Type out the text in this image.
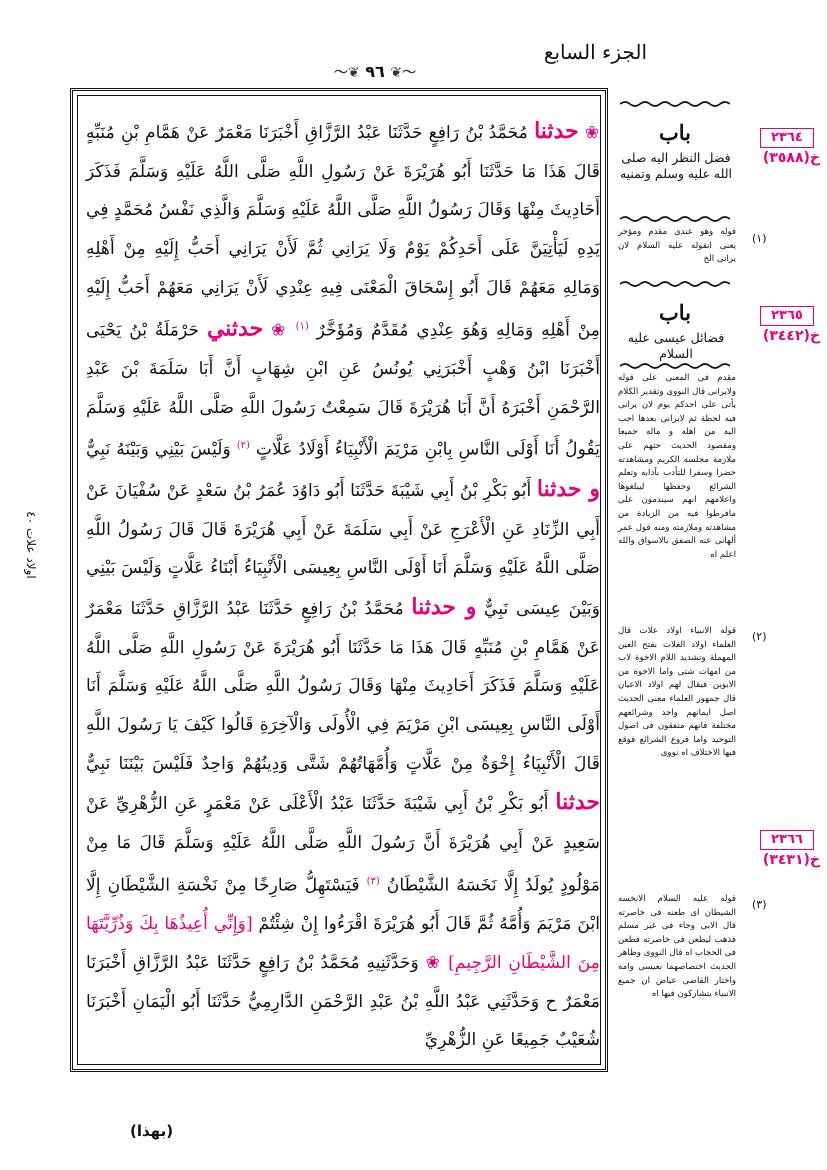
الجزء السابع
～❦ ٩٦ ❦～
اولاد علات ٤٠
❀ حدثنا مُحَمَّدُ بْنُ رَافِعٍ حَدَّثَنَا عَبْدُ الرَّزَّاقِ أَخْبَرَنَا مَعْمَرٌ عَنْ هَمَّامِ بْنِ مُنَبِّهٍ قَالَ هَذَا مَا حَدَّثَنَا أَبُو هُرَيْرَةَ عَنْ رَسُولِ اللَّهِ صَلَّى اللَّهُ عَلَيْهِ وَسَلَّمَ فَذَكَرَ أَحَادِيثَ مِنْهَا وَقَالَ رَسُولُ اللَّهِ صَلَّى اللَّهُ عَلَيْهِ وَسَلَّمَ وَالَّذِي نَفْسُ مُحَمَّدٍ فِي يَدِهِ لَيَأْتِيَنَّ عَلَى أَحَدِكُمْ يَوْمٌ وَلَا يَرَانِي ثُمَّ لَأَنْ يَرَانِي أَحَبُّ إِلَيْهِ مِنْ أَهْلِهِ وَمَالِهِ مَعَهُمْ قَالَ أَبُو إِسْحَاقَ الْمَعْنَى فِيهِ عِنْدِي لَأَنْ يَرَانِي مَعَهُمْ أَحَبُّ إِلَيْهِ مِنْ أَهْلِهِ وَمَالِهِ وَهُوَ عِنْدِي مُقَدَّمٌ وَمُؤَخَّرٌ $^{(١)}$ ❀ حدثني حَرْمَلَةُ بْنُ يَحْيَى أَخْبَرَنَا ابْنُ وَهْبٍ أَخْبَرَنِي يُونُسُ عَنِ ابْنِ شِهَابٍ أَنَّ أَبَا سَلَمَةَ بْنَ عَبْدِ الرَّحْمَنِ أَخْبَرَهُ أَنَّ أَبَا هُرَيْرَةَ قَالَ سَمِعْتُ رَسُولَ اللَّهِ صَلَّى اللَّهُ عَلَيْهِ وَسَلَّمَ يَقُولُ أَنَا أَوْلَى النَّاسِ بِابْنِ مَرْيَمَ الْأَنْبِيَاءُ أَوْلَادُ عَلَّاتٍ $^{(٢)}$ وَلَيْسَ بَيْنِي وَبَيْنَهُ نَبِيٌّ و حدثنا أَبُو بَكْرِ بْنُ أَبِي شَيْبَةَ حَدَّثَنَا أَبُو دَاوُدَ عُمَرُ بْنُ سَعْدٍ عَنْ سُفْيَانَ عَنْ أَبِي الزِّنَادِ عَنِ الْأَعْرَجِ عَنْ أَبِي سَلَمَةَ عَنْ أَبِي هُرَيْرَةَ قَالَ قَالَ رَسُولُ اللَّهِ صَلَّى اللَّهُ عَلَيْهِ وَسَلَّمَ أَنَا أَوْلَى النَّاسِ بِعِيسَى الْأَنْبِيَاءُ أَبْنَاءُ عَلَّاتٍ وَلَيْسَ بَيْنِي وَبَيْنَ عِيسَى نَبِيٌّ و حدثنا مُحَمَّدُ بْنُ رَافِعٍ حَدَّثَنَا عَبْدُ الرَّزَّاقِ حَدَّثَنَا مَعْمَرٌ عَنْ هَمَّامِ بْنِ مُنَبِّهٍ قَالَ هَذَا مَا حَدَّثَنَا أَبُو هُرَيْرَةَ عَنْ رَسُولِ اللَّهِ صَلَّى اللَّهُ عَلَيْهِ وَسَلَّمَ فَذَكَرَ أَحَادِيثَ مِنْهَا وَقَالَ رَسُولُ اللَّهِ صَلَّى اللَّهُ عَلَيْهِ وَسَلَّمَ أَنَا أَوْلَى النَّاسِ بِعِيسَى ابْنِ مَرْيَمَ فِي الْأُولَى وَالْآخِرَةِ قَالُوا كَيْفَ يَا رَسُولَ اللَّهِ قَالَ الْأَنْبِيَاءُ إِخْوَةٌ مِنْ عَلَّاتٍ وَأُمَّهَاتُهُمْ شَتَّى وَدِينُهُمْ وَاحِدٌ فَلَيْسَ بَيْنَنَا نَبِيٌّ حدثنا أَبُو بَكْرِ بْنُ أَبِي شَيْبَةَ حَدَّثَنَا عَبْدُ الْأَعْلَى عَنْ مَعْمَرٍ عَنِ الزُّهْرِيِّ عَنْ سَعِيدٍ عَنْ أَبِي هُرَيْرَةَ أَنَّ رَسُولَ اللَّهِ صَلَّى اللَّهُ عَلَيْهِ وَسَلَّمَ قَالَ مَا مِنْ مَوْلُودٍ يُولَدُ إِلَّا نَخَسَهُ الشَّيْطَانُ $^{(٣)}$ فَيَسْتَهِلُّ صَارِخًا مِنْ نَخْسَةِ الشَّيْطَانِ إِلَّا ابْنَ مَرْيَمَ وَأُمَّهُ ثُمَّ قَالَ أَبُو هُرَيْرَةَ اقْرَءُوا إِنْ شِئْتُمْ [وَإِنِّي أُعِيذُهَا بِكَ وَذُرِّيَّتَهَا مِنَ الشَّيْطَانِ الرَّجِيمِ] ❀ وَحَدَّثَنِيهِ مُحَمَّدُ بْنُ رَافِعٍ حَدَّثَنَا عَبْدُ الرَّزَّاقِ أَخْبَرَنَا مَعْمَرٌ ح وَحَدَّثَنِي عَبْدُ اللَّهِ بْنُ عَبْدِ الرَّحْمَنِ الدَّارِمِيُّ حَدَّثَنَا أَبُو الْيَمَانِ أَخْبَرَنَا شُعَيْبٌ جَمِيعًا عَنِ الزُّهْرِيِّ
باب
فضل النظر اليه صلى الله عليه وسلم وتمنيه
٢٣٦٤
خ(٣٥٨٨)
(١)
قوله وهو عندى مقدم ومؤخر يعنى انقوله عليه السلام لان يرانى الخ
باب
فضائل عيسى عليه السلام
٢٣٦٥
خ(٣٤٤٢)
مقدم فى المعنى على قوله ولايرانى قال النووى وتقدير الكلام يأتى على احدكم يوم لان يرانى فيه لحظة ثم لايرانى بعدها احب اليه من اهله و ماله جميعا ومقصود الحديث حثهم على ملازمة مجلسه الكريم ومشاهدته حضرا وسفرا للتأدب بآدابه وتعلم الشرائع وحفظها ليبلغوها واعلامهم انهم سيندمون على مافرطوا فيه من الزيادة من مشاهدته وملازمته ومنه قول عمر ألهانى عنه الصفق بالاسواق والله اعلم اه
(٢)
قوله الانبياء اولاد علات قال العلماء اولاد العلات بفتح العين المهملة وتشديد اللام الاخوة لاب من امهات شتى واما الاخوة من الابوين فيقال لهم اولاد الاعيان قال جمهور العلماء معنى الحديث اصل ايمانهم واحد وشرائعهم مختلفة فانهم متفقون فى اصول التوحيد واما فروع الشرائع فوقع فيها الاختلاف اه نووى
٢٣٦٦
خ(٣٤٣١)
(٣)
قوله عليه السلام الانخسه الشيطان اى طعنه فى خاصرته قال الابى وجاء فى غير مسلم فذهب ليطعن فى خاصرته فطعن فى الحجاب اه قال النووى وظاهر الحديث اختصاصهما بعيسى وامه واختار القاضى عياض ان جميع الانبياء يتشاركون فيها اه
(بهذا)
